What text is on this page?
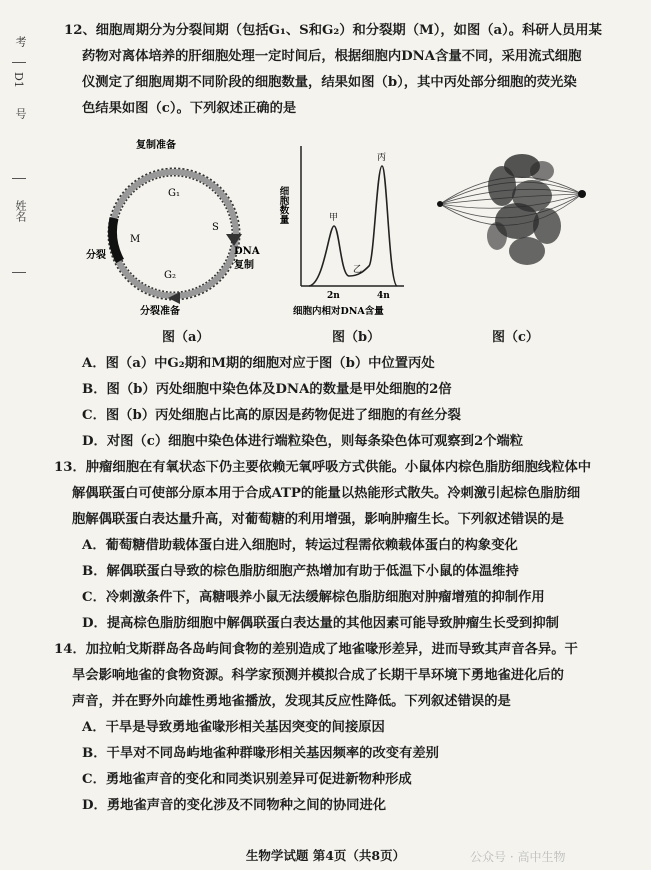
考
D1
号
姓名
12、细胞周期分为分裂间期（包括G₁、S和G₂）和分裂期（M），如图（a）。科研人员用某
药物对离体培养的肝细胞处理一定时间后，根据细胞内DNA含量不同，采用流式细胞
仪测定了细胞周期不同阶段的细胞数量，结果如图（b），其中丙处部分细胞的荧光染
色结果如图（c）。下列叙述正确的是
复制准备
G₁
S
DNA
复制
M
分裂
G₂
分裂准备
细胞数量	甲
乙
丙
2n	4n
细胞内相对DNA含量
图（a）	图（b）	图（c）
A．图（a）中G₂期和M期的细胞对应于图（b）中位置丙处
B．图（b）丙处细胞中染色体及DNA的数量是甲处细胞的2倍
C．图（b）丙处细胞占比高的原因是药物促进了细胞的有丝分裂
D．对图（c）细胞中染色体进行端粒染色，则每条染色体可观察到2个端粒
13．肿瘤细胞在有氧状态下仍主要依赖无氧呼吸方式供能。小鼠体内棕色脂肪细胞线粒体中
解偶联蛋白可使部分原本用于合成ATP的能量以热能形式散失。冷刺激引起棕色脂肪细
胞解偶联蛋白表达量升高，对葡萄糖的利用增强，影响肿瘤生长。下列叙述错误的是
A．葡萄糖借助载体蛋白进入细胞时，转运过程需依赖载体蛋白的构象变化
B．解偶联蛋白导致的棕色脂肪细胞产热增加有助于低温下小鼠的体温维持
C．冷刺激条件下，高糖喂养小鼠无法缓解棕色脂肪细胞对肿瘤增殖的抑制作用
D．提高棕色脂肪细胞中解偶联蛋白表达量的其他因素可能导致肿瘤生长受到抑制
14．加拉帕戈斯群岛各岛屿间食物的差别造成了地雀喙形差异，进而导致其声音各异。干
旱会影响地雀的食物资源。科学家预测并模拟合成了长期干旱环境下勇地雀进化后的
声音，并在野外向雄性勇地雀播放，发现其反应性降低。下列叙述错误的是
A．干旱是导致勇地雀喙形相关基因突变的间接原因
B．干旱对不同岛屿地雀种群喙形相关基因频率的改变有差别
C．勇地雀声音的变化和同类识别差异可促进新物种形成
D．勇地雀声音的变化涉及不同物种之间的协同进化
生物学试题 第4页（共8页）	公众号 · 高中生物
